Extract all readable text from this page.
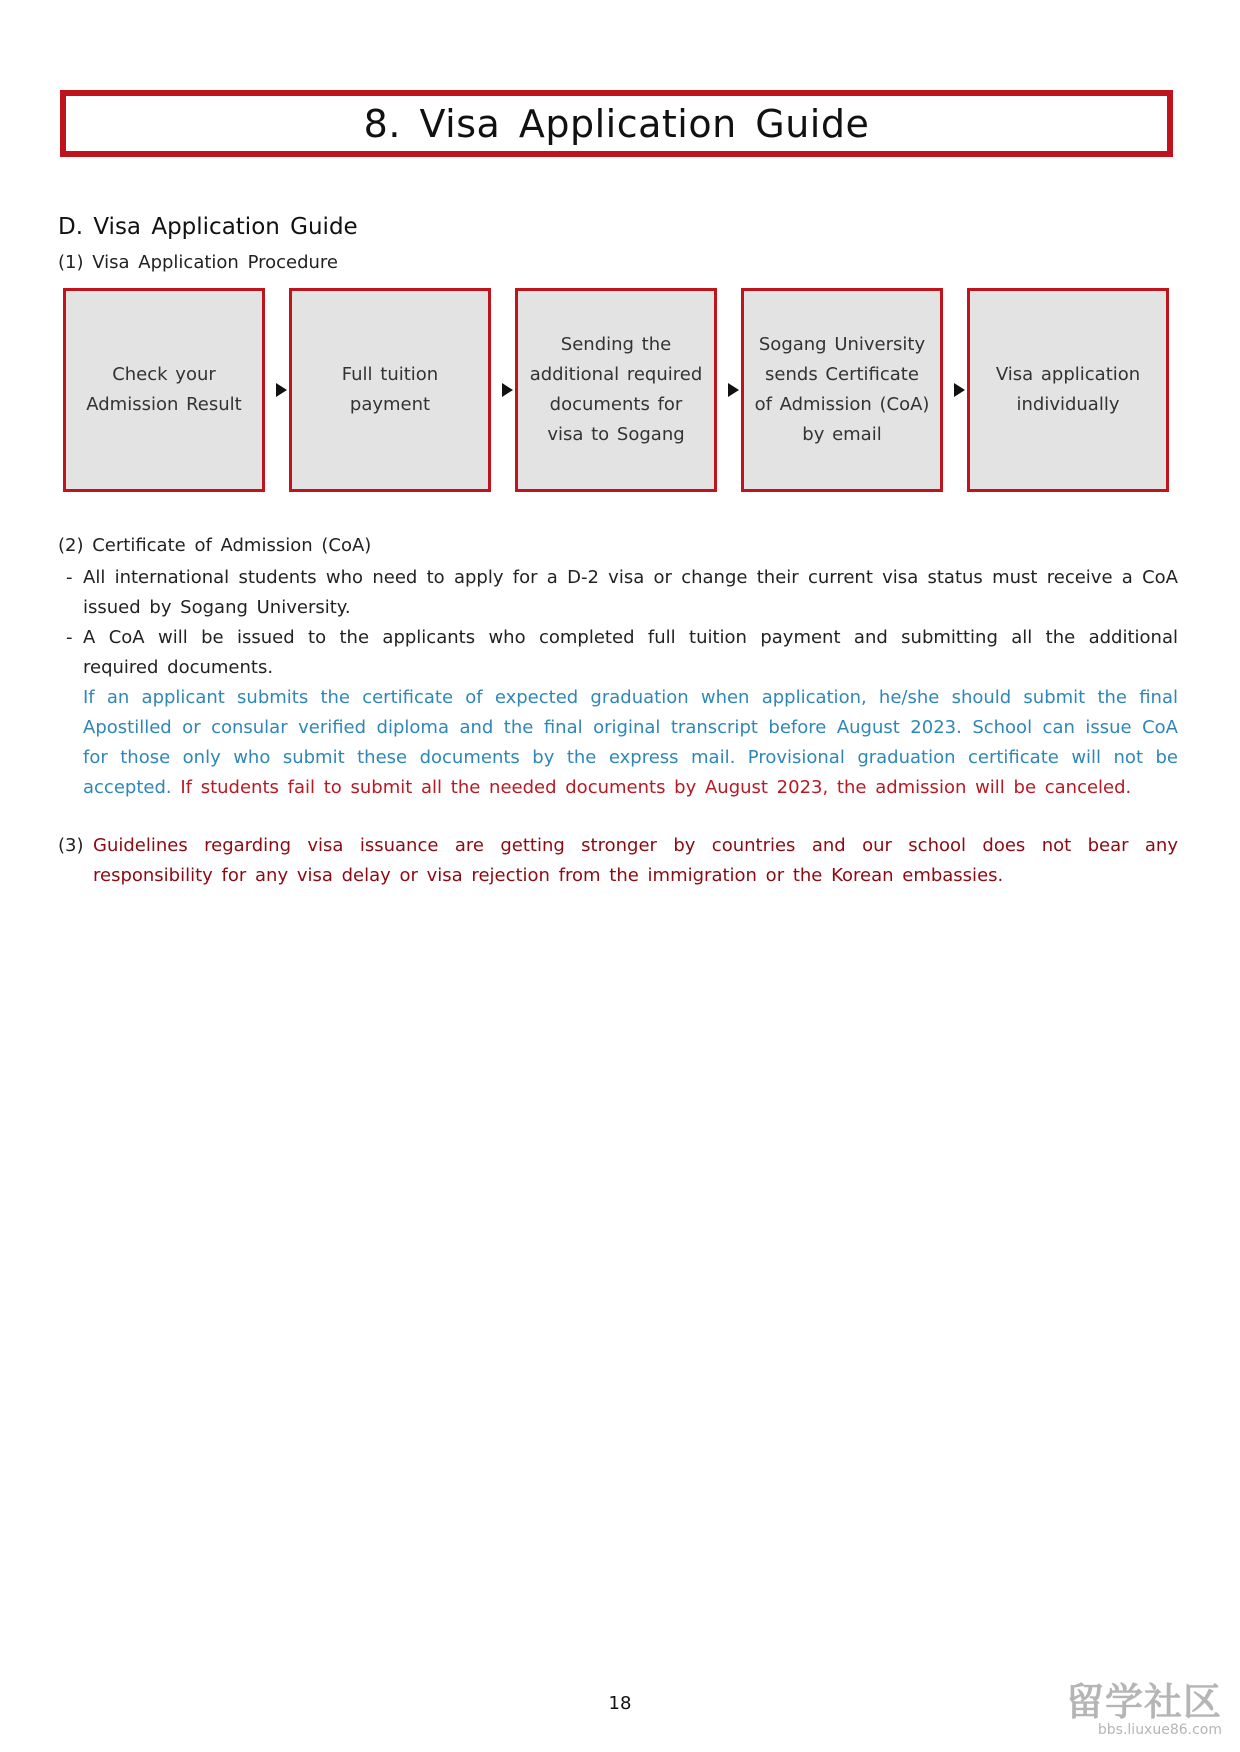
8. Visa Application Guide
D. Visa Application Guide
(1) Visa Application Procedure
Check your Admission Result
Full tuition payment
Sending the additional required documents for visa to Sogang
Sogang University sends Certificate of Admission (CoA) by email
Visa application individually
(2) Certificate of Admission (CoA)
- All international students who need to apply for a D-2 visa or change their current visa status must receive a CoA issued by Sogang University.
- A CoA will be issued to the applicants who completed full tuition payment and submitting all the additional required documents.
If an applicant submits the certificate of expected graduation when application, he/she should submit the final Apostilled or consular verified diploma and the final original transcript before August 2023. School can issue CoA for those only who submit these documents by the express mail. Provisional graduation certificate will not be accepted. If students fail to submit all the needed documents by August 2023, the admission will be canceled.
(3) Guidelines regarding visa issuance are getting stronger by countries and our school does not bear any responsibility for any visa delay or visa rejection from the immigration or the Korean embassies.
18	留学社区
bbs.liuxue86.com
